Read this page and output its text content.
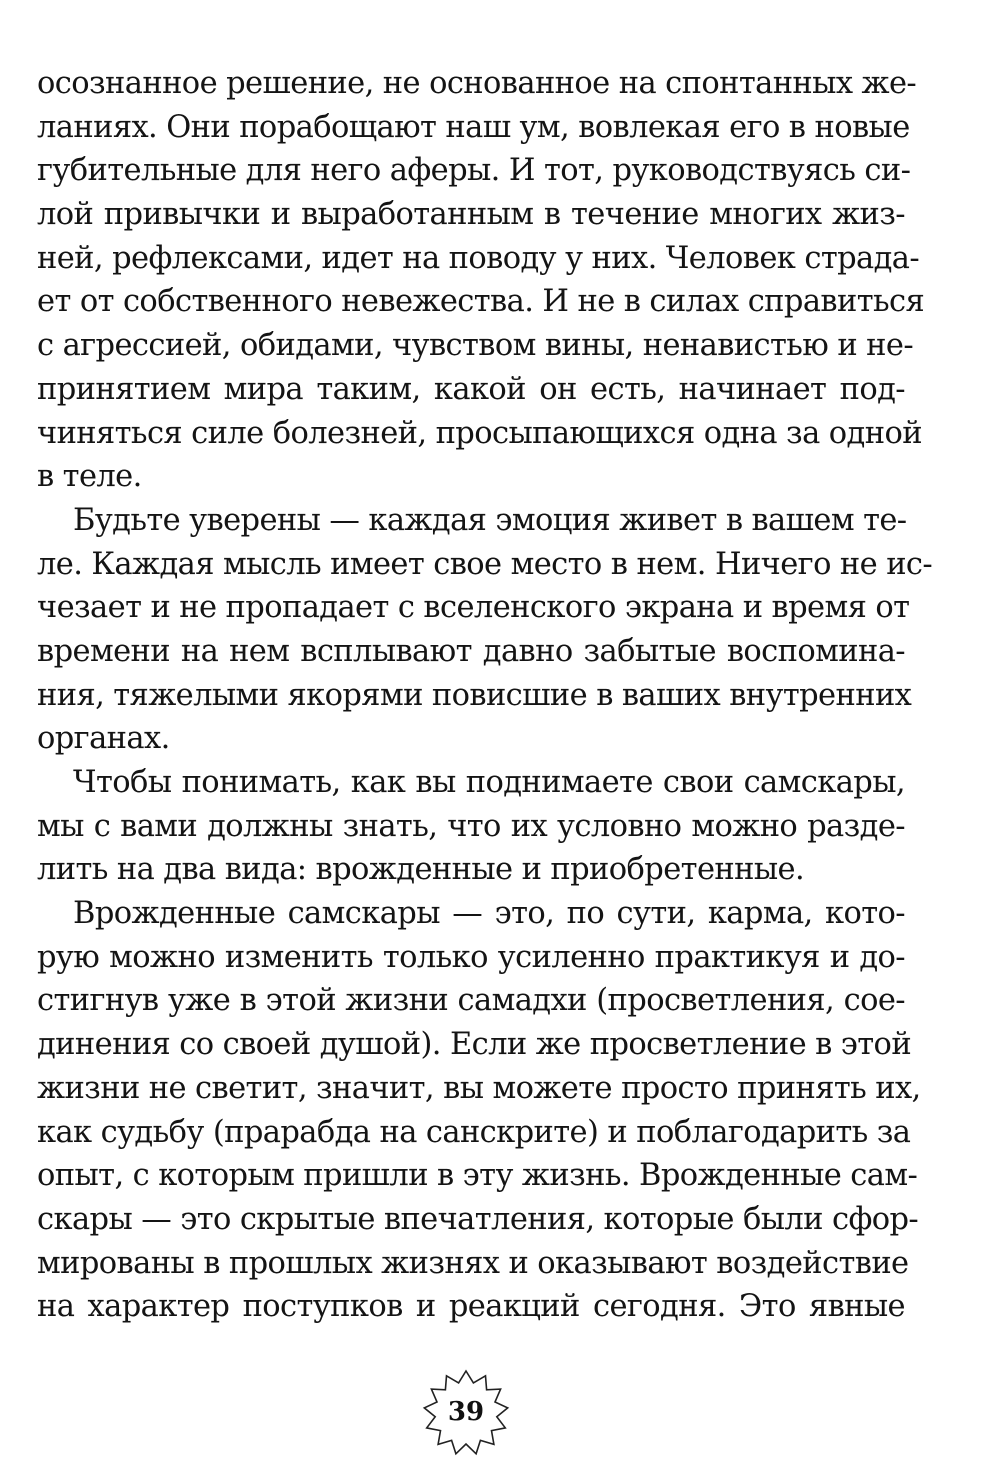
осознанное решение, не основанное на спонтанных же-
ланиях. Они порабощают наш ум, вовлекая его в новые
губительные для него аферы. И тот, руководствуясь си-
лой привычки и выработанным в течение многих жиз-
ней, рефлексами, идет на поводу у них. Человек страда-
ет от собственного невежества. И не в силах справиться
с агрессией, обидами, чувством вины, ненавистью и не-
принятием мира таким, какой он есть, начинает под-
чиняться силе болезней, просыпающихся одна за одной
в теле.
Будьте уверены — каждая эмоция живет в вашем те-
ле. Каждая мысль имеет свое место в нем. Ничего не ис-
чезает и не пропадает с вселенского экрана и время от
времени на нем всплывают давно забытые воспомина-
ния, тяжелыми якорями повисшие в ваших внутренних
органах.
Чтобы понимать, как вы поднимаете свои самскары,
мы с вами должны знать, что их условно можно разде-
лить на два вида: врожденные и приобретенные.
Врожденные самскары — это, по сути, карма, кото-
рую можно изменить только усиленно практикуя и до-
стигнув уже в этой жизни самадхи (просветления, сое-
динения со своей душой). Если же просветление в этой
жизни не светит, значит, вы можете просто принять их,
как судьбу (прарабда на санскрите) и поблагодарить за
опыт, с которым пришли в эту жизнь. Врожденные сам-
скары — это скрытые впечатления, которые были сфор-
мированы в прошлых жизнях и оказывают воздействие
на характер поступков и реакций сегодня. Это явные
39
